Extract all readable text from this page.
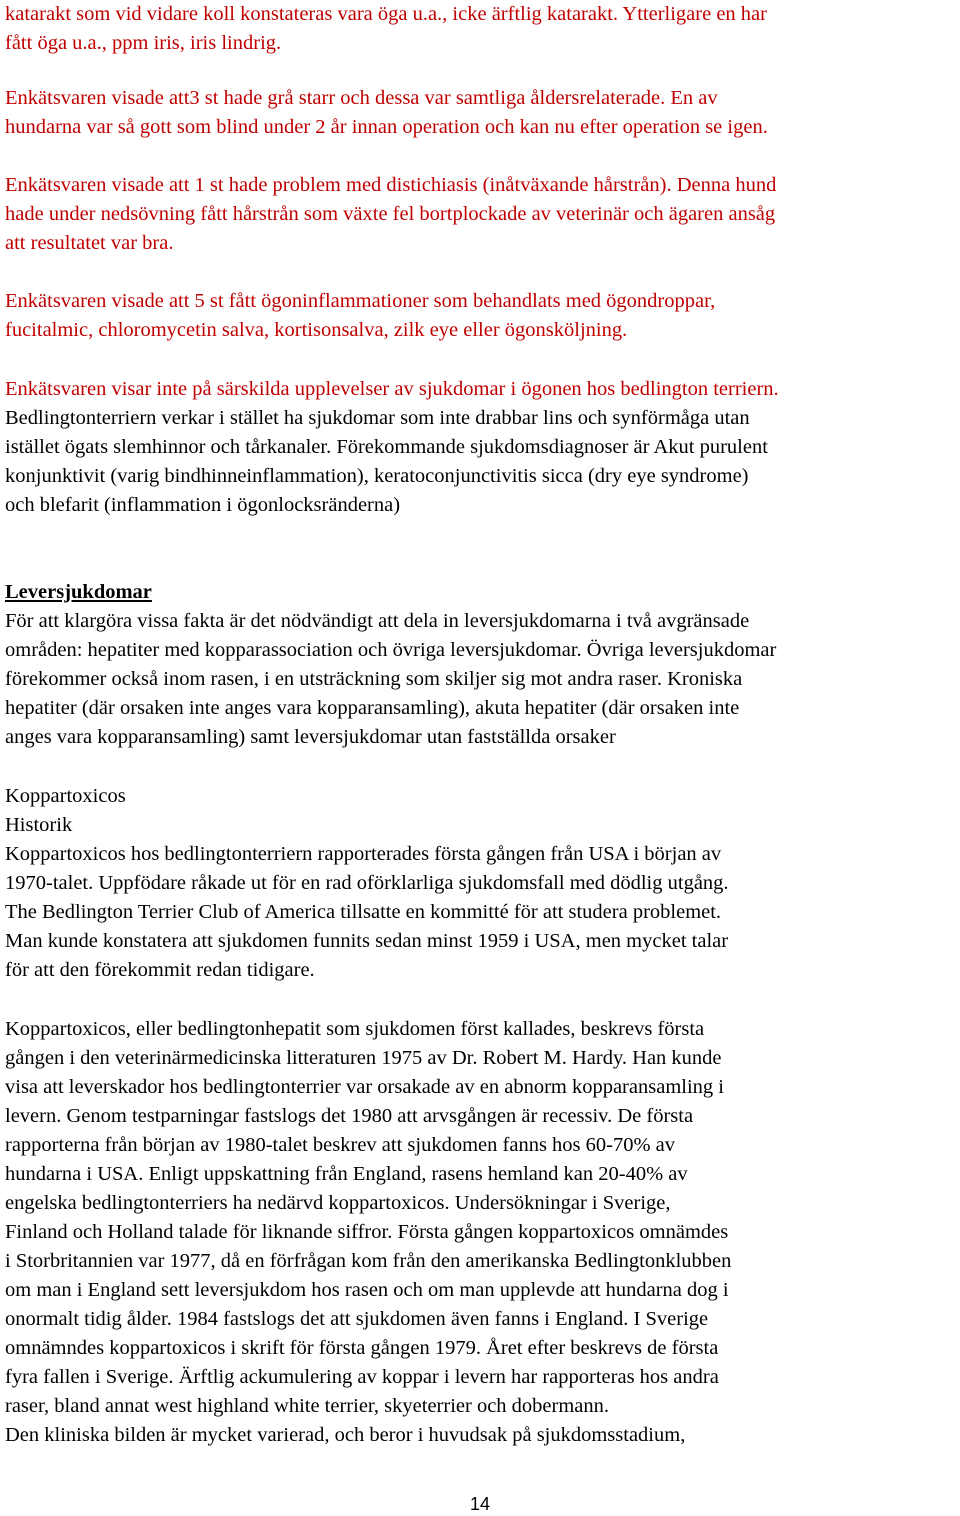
katarakt som vid vidare koll konstateras vara öga u.a., icke ärftlig katarakt. Ytterligare en har
fått öga u.a., ppm iris, iris lindrig.

Enkätsvaren visade att3 st hade grå starr och dessa var samtliga åldersrelaterade. En av
hundarna var så gott som blind under 2 år innan operation och kan nu efter operation se igen.

Enkätsvaren visade att 1 st hade problem med distichiasis (inåtväxande hårstrån). Denna hund
hade under nedsövning fått hårstrån som växte fel bortplockade av veterinär och ägaren ansåg
att resultatet var bra.

Enkätsvaren visade att 5 st fått ögoninflammationer som behandlats med ögondroppar,
fucitalmic, chloromycetin salva, kortisonsalva, zilk eye eller ögonsköljning.

Enkätsvaren visar inte på särskilda upplevelser av sjukdomar i ögonen hos bedlington terriern.
Bedlingtonterriern verkar i stället ha sjukdomar som inte drabbar lins och synförmåga utan
istället ögats slemhinnor och tårkanaler. Förekommande sjukdomsdiagnoser är Akut purulent
konjunktivit (varig bindhinneinflammation), keratoconjunctivitis sicca (dry eye syndrome)
och blefarit (inflammation i ögonlocksränderna)

Leversjukdomar
För att klargöra vissa fakta är det nödvändigt att dela in leversjukdomarna i två avgränsade
områden: hepatiter med kopparassociation och övriga leversjukdomar. Övriga leversjukdomar
förekommer också inom rasen, i en utsträckning som skiljer sig mot andra raser. Kroniska
hepatiter (där orsaken inte anges vara kopparansamling), akuta hepatiter (där orsaken inte
anges vara kopparansamling) samt leversjukdomar utan fastställda orsaker

Koppartoxicos
Historik
Koppartoxicos hos bedlingtonterriern rapporterades första gången från USA i början av
1970-talet. Uppfödare råkade ut för en rad oförklarliga sjukdomsfall med dödlig utgång.
The Bedlington Terrier Club of America tillsatte en kommitté för att studera problemet.
Man kunde konstatera att sjukdomen funnits sedan minst 1959 i USA, men mycket talar
för att den förekommit redan tidigare.

Koppartoxicos, eller bedlingtonhepatit som sjukdomen först kallades, beskrevs första
gången i den veterinärmedicinska litteraturen 1975 av Dr. Robert M. Hardy. Han kunde
visa att leverskador hos bedlingtonterrier var orsakade av en abnorm kopparansamling i
levern. Genom testparningar fastslogs det 1980 att arvsgången är recessiv. De första
rapporterna från början av 1980-talet beskrev att sjukdomen fanns hos 60-70% av
hundarna i USA. Enligt uppskattning från England, rasens hemland kan 20-40% av
engelska bedlingtonterriers ha nedärvd koppartoxicos. Undersökningar i Sverige,
Finland och Holland talade för liknande siffror. Första gången koppartoxicos omnämdes
i Storbritannien var 1977, då en förfrågan kom från den amerikanska Bedlingtonklubben
om man i England sett leversjukdom hos rasen och om man upplevde att hundarna dog i
onormalt tidig ålder. 1984 fastslogs det att sjukdomen även fanns i England. I Sverige
omnämndes koppartoxicos i skrift för första gången 1979. Året efter beskrevs de första
fyra fallen i Sverige. Ärftlig ackumulering av koppar i levern har rapporteras hos andra
raser, bland annat west highland white terrier, skyeterrier och dobermann.
Den kliniska bilden är mycket varierad, och beror i huvudsak på sjukdomsstadium,

14
